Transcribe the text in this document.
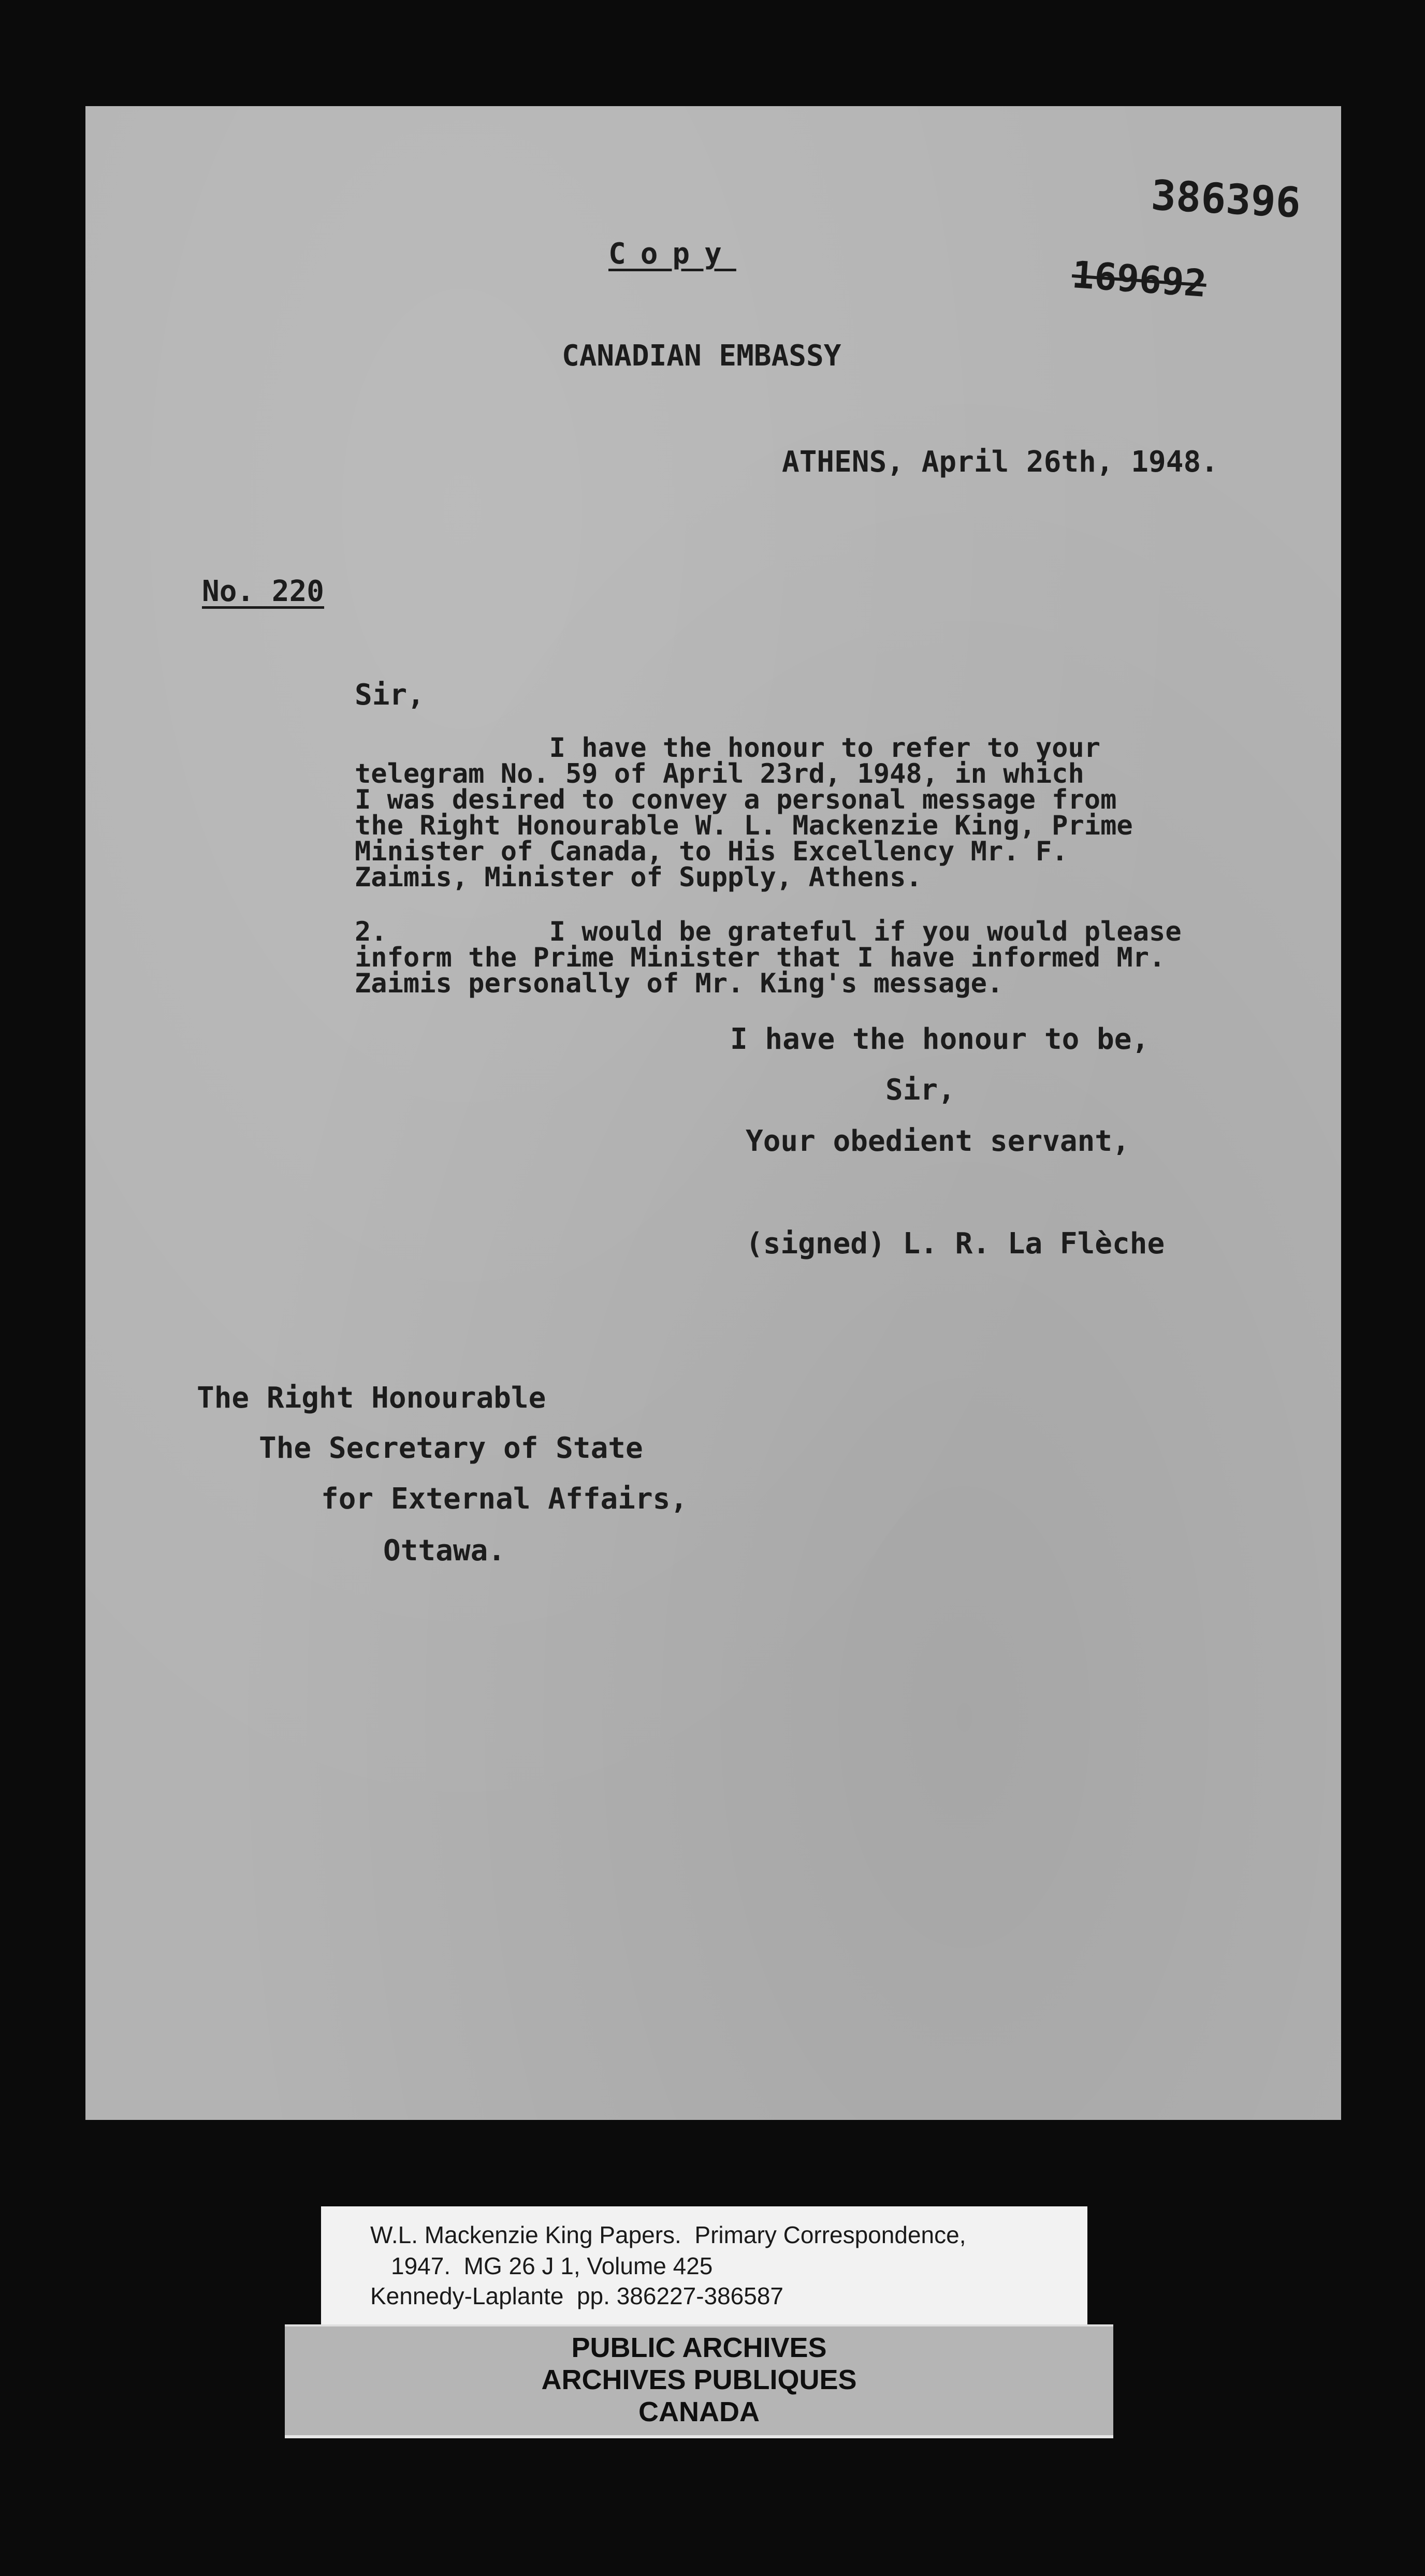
386396
169692
Copy
CANADIAN EMBASSY
ATHENS, April 26th, 1948.
No. 220
Sir,
I have the honour to refer to your
telegram No. 59 of April 23rd, 1948, in which
I was desired to convey a personal message from
the Right Honourable W. L. Mackenzie King, Prime
Minister of Canada, to His Excellency Mr. F.
Zaimis, Minister of Supply, Athens.
2.          I would be grateful if you would please
inform the Prime Minister that I have informed Mr.
Zaimis personally of Mr. King's message.
I have the honour to be,
Sir,
Your obedient servant,
(signed) L. R. La Flèche
The Right Honourable
The Secretary of State
for External Affairs,
Ottawa.
W.L. Mackenzie King Papers.  Primary Correspondence,
1947.  MG 26 J 1, Volume 425
Kennedy-Laplante  pp. 386227-386587
PUBLIC ARCHIVES
ARCHIVES PUBLIQUES
CANADA
